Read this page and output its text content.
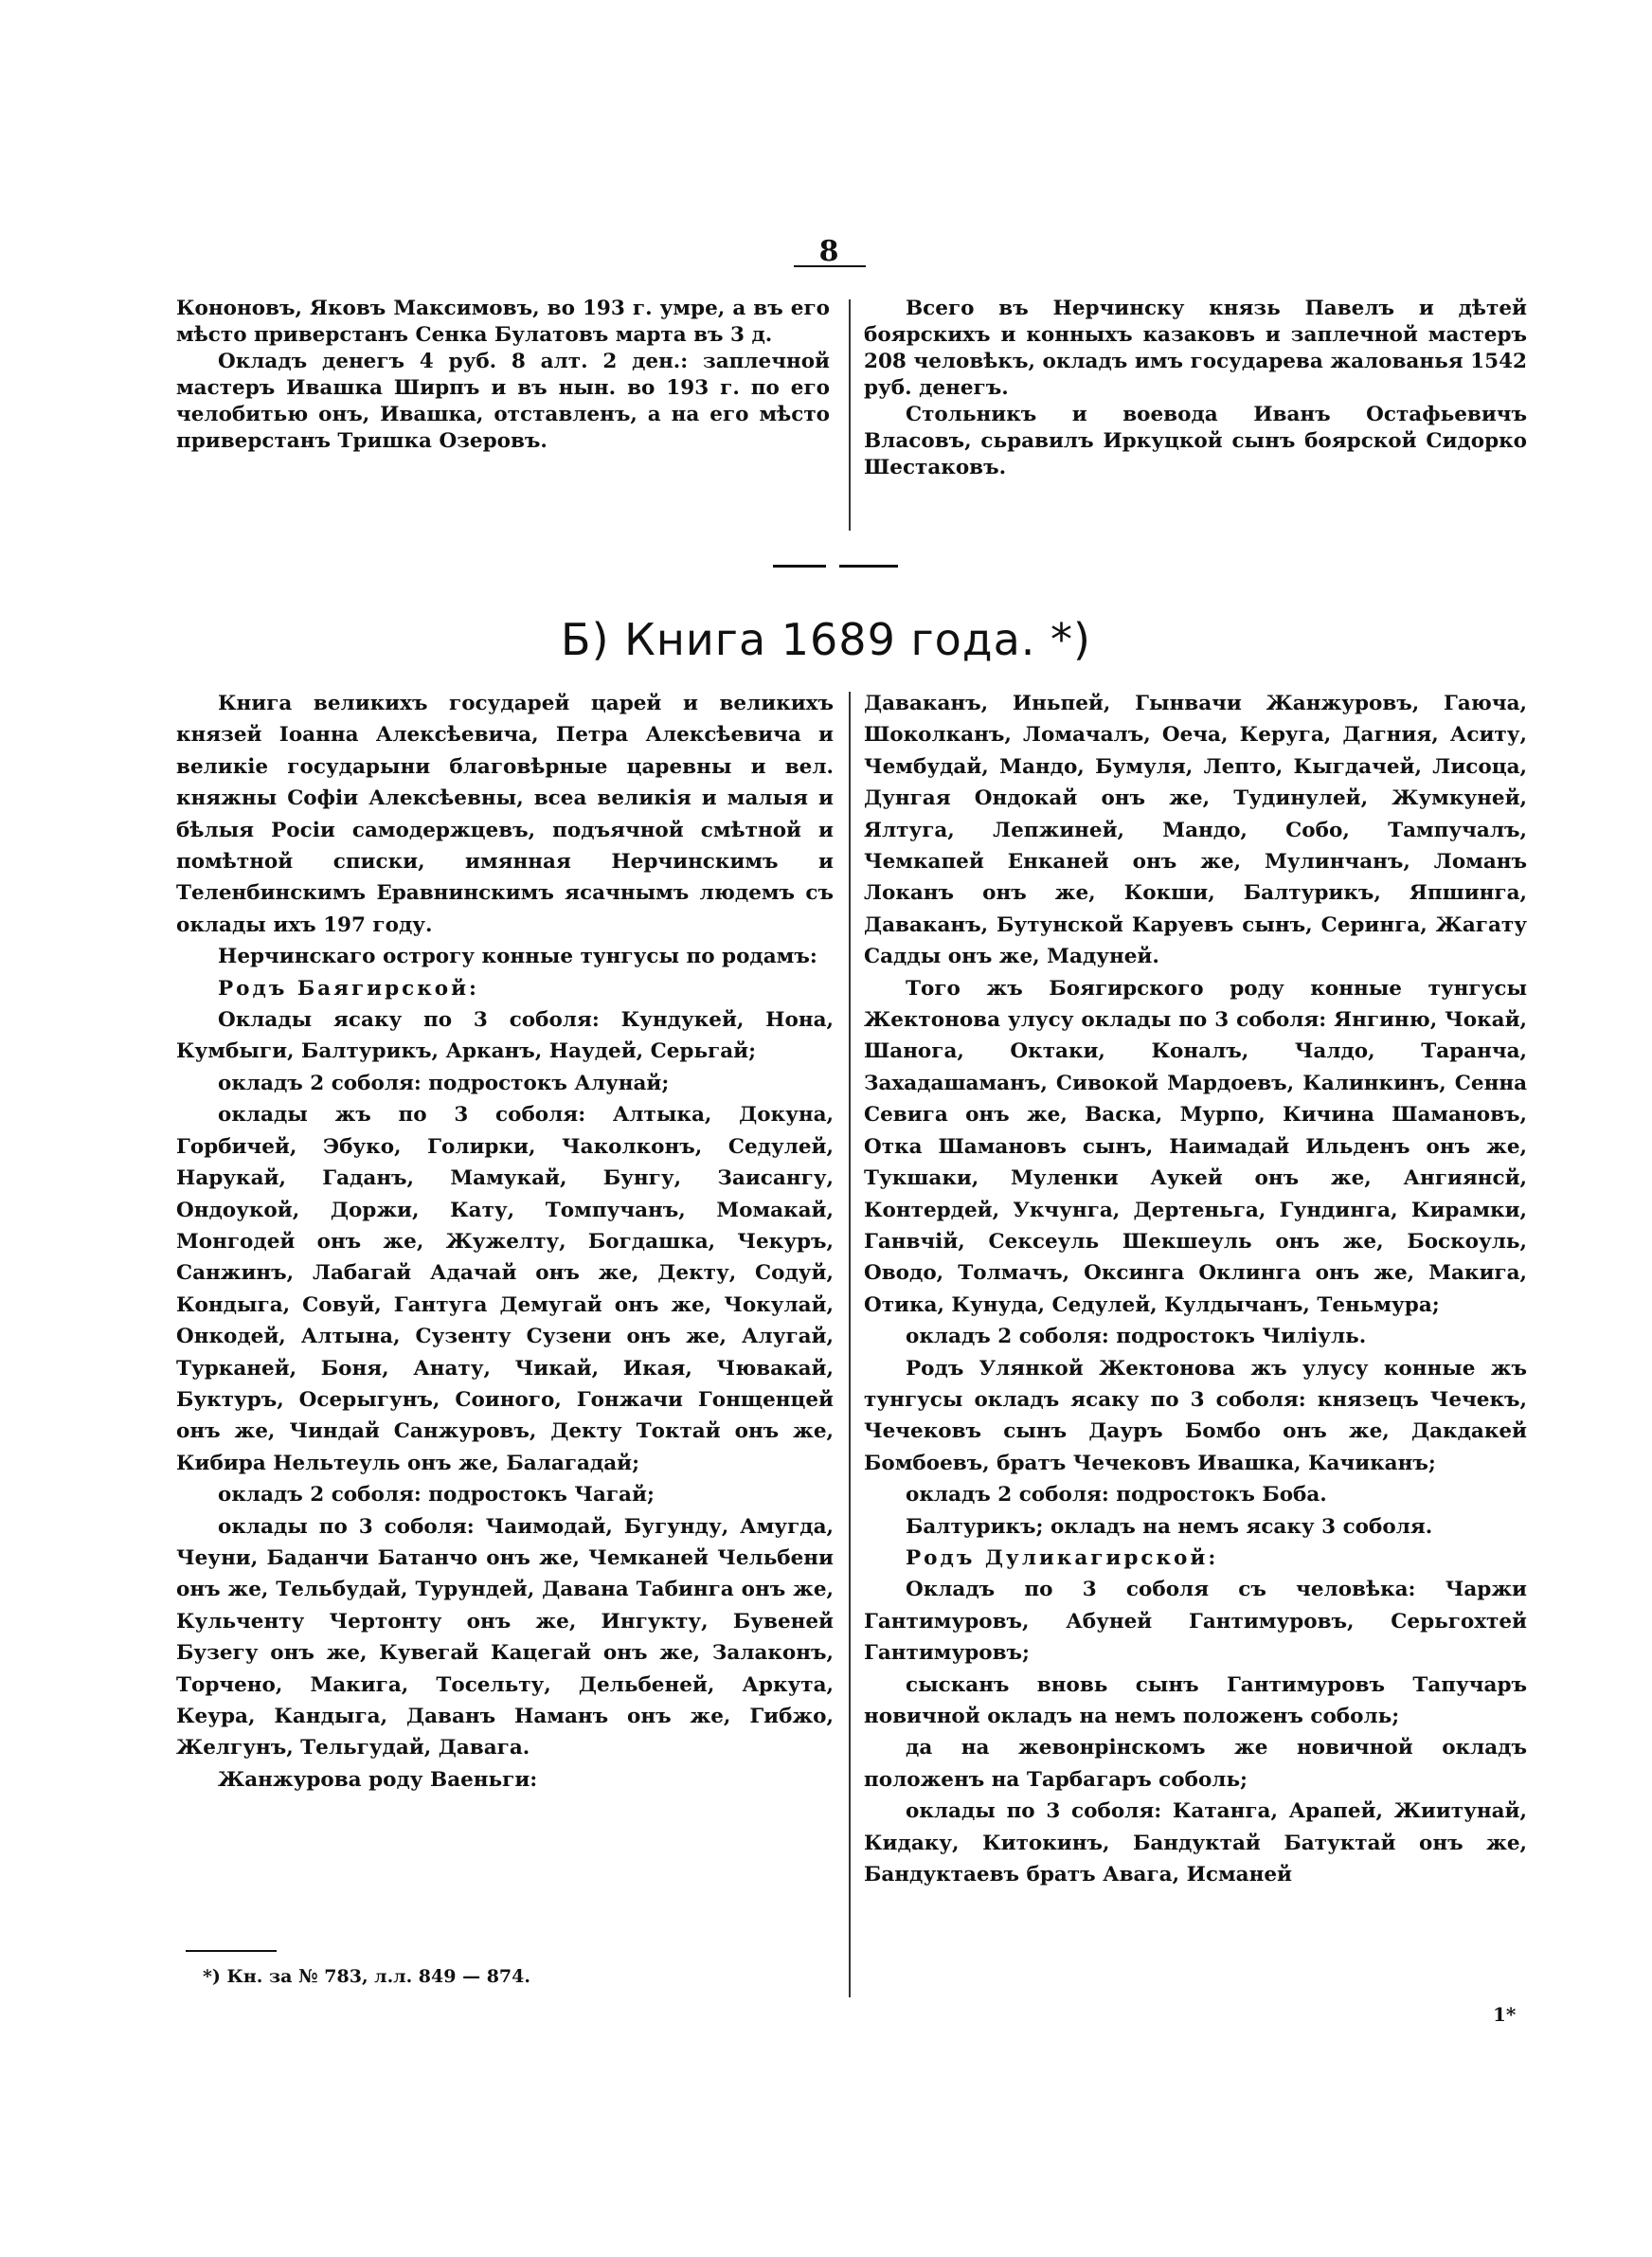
8

Кононовъ, Яковъ Максимовъ, во 193 г. умре, а въ его мѣсто приверстанъ Сенка Булатовъ марта въ 3 д.

Окладъ денегъ 4 руб. 8 алт. 2 ден.: заплечной мастеръ Ивашка Ширпъ и въ нын. во 193 г. по его челобитью онъ, Ивашка, отставленъ, а на его мѣсто приверстанъ Тришка Озеровъ.

Всего въ Нерчинску князь Павелъ и дѣтей боярскихъ и конныхъ казаковъ и заплечной мастеръ 208 человѣкъ, окладъ имъ государева жалованья 1542 руб. денегъ.

Стольникъ и воевода Иванъ Остафьевичъ Власовъ, сьравилъ Иркуцкой сынъ боярской Сидорко Шестаковъ.

Б) Книга 1689 года. *)

Книга великихъ государей царей и великихъ князей Іоанна Алексѣевича, Петра Алексѣевича и великіе государыни благовѣрные царевны и вел. княжны Софіи Алексѣевны, всеа великія и малыя и бѣлыя Росіи самодержцевъ, подъячной смѣтной и помѣтной списки, имянная Нерчинскимъ и Теленбинскимъ Еравнинскимъ ясачнымъ людемъ съ оклады ихъ 197 году.

Нерчинскаго острогу конные тунгусы по родамъ:

Родъ Баягирской:

Оклады ясаку по 3 соболя: Кундукей, Нона, Кумбыги, Балтурикъ, Арканъ, Наудей, Серьгай;

окладъ 2 соболя: подростокъ Алунай;

оклады жъ по 3 соболя: Алтыка, Докуна, Горбичей, Эбуко, Голирки, Чаколконъ, Седулей, Нарукай, Гаданъ, Мамукай, Бунгу, Заисангу, Ондоукой, Доржи, Кату, Томпучанъ, Момакай, Монгодей онъ же, Жужелту, Богдашка, Чекуръ, Санжинъ, Лабагай Адачай онъ же, Декту, Содуй, Кондыга, Совуй, Гантуга Демугай онъ же, Чокулай, Онкодей, Алтына, Сузенту Сузени онъ же, Алугай, Турканей, Боня, Анату, Чикай, Икая, Чювакай, Буктуръ, Осерыгунъ, Соиного, Гонжачи Гонщенцей онъ же, Чиндай Санжуровъ, Декту Токтай онъ же, Кибира Нельтеуль онъ же, Балагадай;

окладъ 2 соболя: подростокъ Чагай;

оклады по 3 соболя: Чаимодай, Бугунду, Амугда, Чеуни, Баданчи Батанчо онъ же, Чемканей Чельбени онъ же, Тельбудай, Турундей, Давана Табинга онъ же, Кульченту Чертонту онъ же, Ингукту, Бувеней Бузегу онъ же, Кувегай Кацегай онъ же, Залаконъ, Торчено, Макига, Тосельту, Дельбеней, Аркута, Кеура, Кандыга, Даванъ Наманъ онъ же, Гибжо, Желгунъ, Тельгудай, Давага.

Жанжурова роду Ваеньги:

Даваканъ, Иньпей, Гынвачи Жанжуровъ, Гаюча, Шоколканъ, Ломачалъ, Оеча, Керуга, Дагния, Аситу, Чембудай, Мандо, Бумуля, Лепто, Кыгдачей, Лисоца, Дунгая Ондокай онъ же, Тудинулей, Жумкуней, Ялтуга, Лепжиней, Мандо, Собо, Тампучалъ, Чемкапей Енканей онъ же, Мулинчанъ, Ломанъ Локанъ онъ же, Кокши, Балтурикъ, Япшинга, Даваканъ, Бутунской Каруевъ сынъ, Серинга, Жагату Садды онъ же, Мадуней.

Того жъ Боягирского роду конные тунгусы Жектонова улусу оклады по 3 соболя: Янгиню, Чокай, Шанога, Октаки, Коналъ, Чалдо, Таранча, Захадашаманъ, Сивокой Мардоевъ, Калинкинъ, Сенна Севига онъ же, Васка, Мурпо, Кичина Шамановъ, Отка Шамановъ сынъ, Наимадай Ильденъ онъ же, Тукшаки, Муленки Аукей онъ же, Ангиянсй, Контердей, Укчунга, Дертеньга, Гундинга, Кирамки, Ганвчій, Сексеуль Шекшеуль онъ же, Боскоуль, Оводо, Толмачъ, Оксинга Оклинга онъ же, Макига, Отика, Кунуда, Седулей, Кулдычанъ, Теньмура;

окладъ 2 соболя: подростокъ Чиліуль.

Родъ Улянкой Жектонова жъ улусу конные жъ тунгусы окладъ ясаку по 3 соболя: князецъ Чечекъ, Чечековъ сынъ Дауръ Бомбо онъ же, Дакдакей Бомбоевъ, братъ Чечековъ Ивашка, Качиканъ;

окладъ 2 соболя: подростокъ Боба.

Балтурикъ; окладъ на немъ ясаку 3 соболя.

Родъ Дуликагирской:

Окладъ по 3 соболя съ человѣка: Чаржи Гантимуровъ, Абуней Гантимуровъ, Серьгохтей Гантимуровъ;

сысканъ вновь сынъ Гантимуровъ Тапучаръ новичной окладъ на немъ положенъ соболь;

да на жевонрінскомъ же новичной окладъ положенъ на Тарбагаръ соболь;

оклады по 3 соболя: Катанга, Арапей, Жиитунай, Кидаку, Китокинъ, Бандуктай Батуктай онъ же, Бандуктаевъ братъ Авага, Исманей

*) Кн. за № 783, л.л. 849 — 874.
1*
